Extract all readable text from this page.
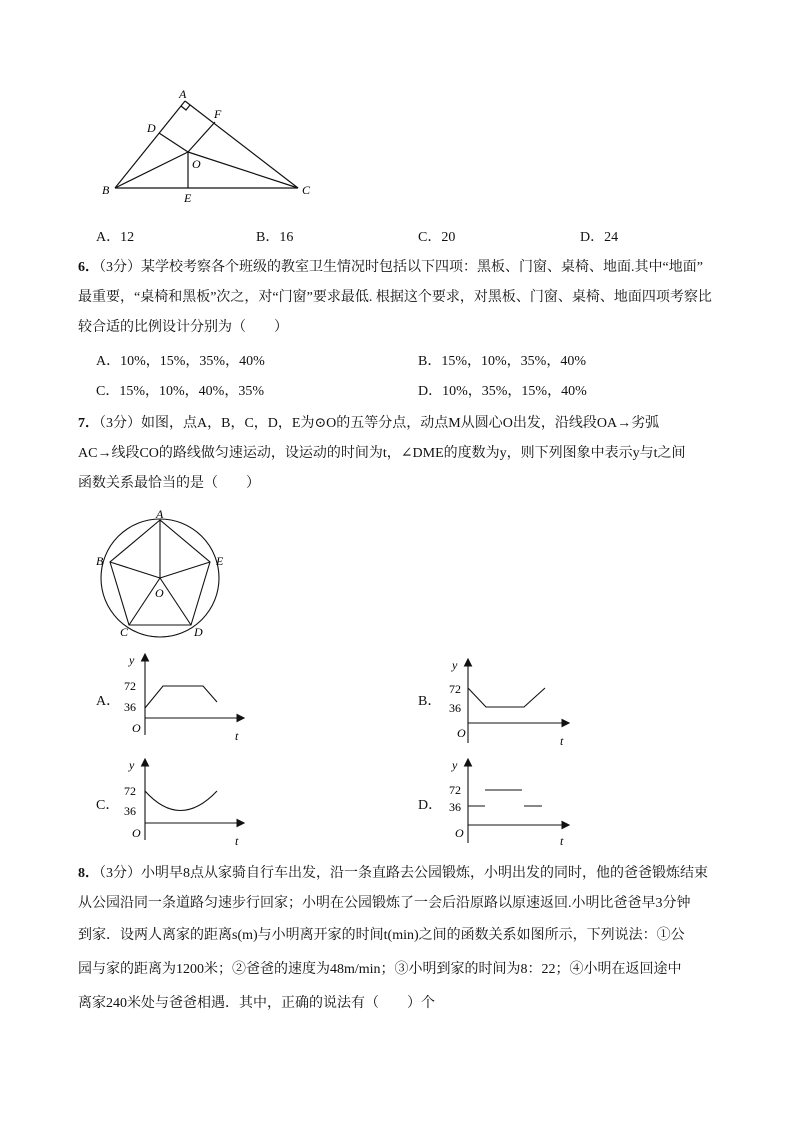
A
D
F
O
B
E
C
A．12	B．16	C．20	D．24
6．（3分）某学校考察各个班级的教室卫生情况时包括以下四项：黑板、门窗、桌椅、地面.其中“地面”
最重要，“桌椅和黑板”次之，对“门窗”要求最低. 根据这个要求，对黑板、门窗、桌椅、地面四项考察比
较合适的比例设计分别为（　　）
A．10%，15%，35%，40%	B．15%，10%，35%，40%
C．15%，10%，40%，35%	D．10%，35%，15%，40%
7．（3分）如图，点A，B，C，D，E为⊙O的五等分点，动点M从圆心O出发，沿线段OA→劣弧
AC→线段CO的路线做匀速运动，设运动的时间为t，∠DME的度数为y，则下列图象中表示y与t之间
函数关系最恰当的是（　　）
A
B	E
O
C	D
A．
y
72
36
O
t
B．
y
72
36
O
t
C．
y
72
36
O
t
D．
y
72
36
O
t
8．（3分）小明早8点从家骑自行车出发，沿一条直路去公园锻炼，小明出发的同时，他的爸爸锻炼结束
从公园沿同一条道路匀速步行回家；小明在公园锻炼了一会后沿原路以原速返回.小明比爸爸早3分钟
到家．设两人离家的距离s(m)与小明离开家的时间t(min)之间的函数关系如图所示，下列说法：①公
园与家的距离为1200米；②爸爸的速度为48m/min；③小明到家的时间为8：22；④小明在返回途中
离家240米处与爸爸相遇．其中，正确的说法有（　　）个
